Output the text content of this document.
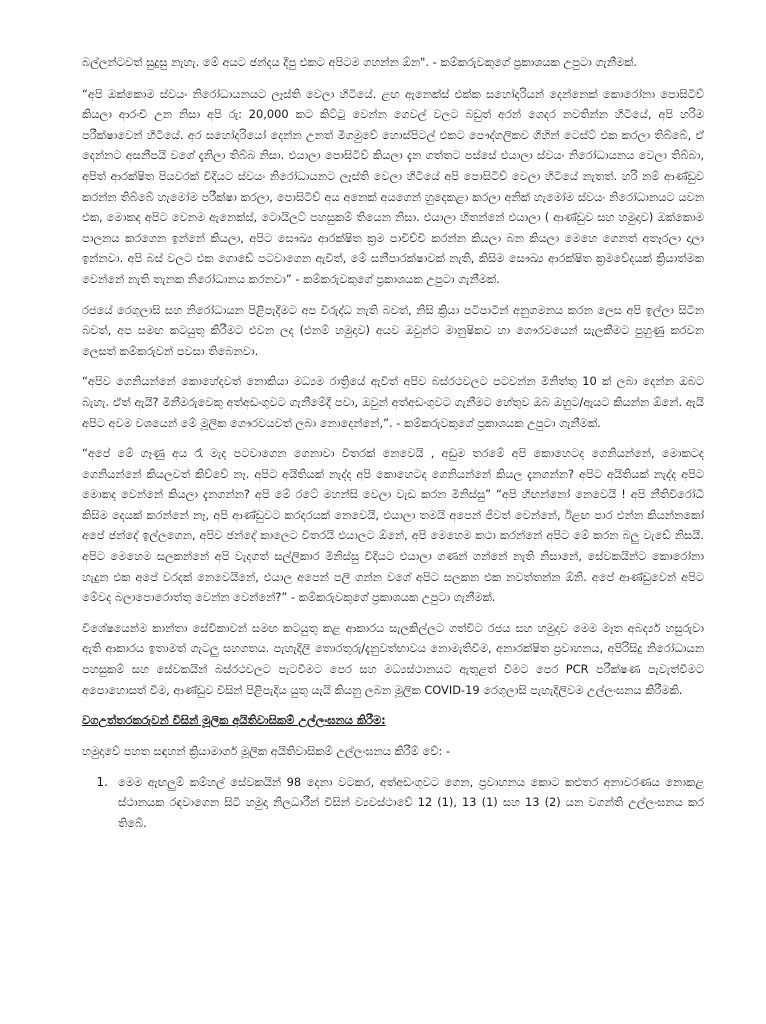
බල්ලන්ටවත් සුදුසු නැහැ. මේ අයට ඡන්දය දීපු එකට අපිටම ගහන්න ඕන". - කම්කරුවකුගේ ප්‍රකාශයක උපුටා ගැනීමක්.

“අපි ඔක්කොම ස්වයං නිරෝධායනයට ලෑස්ති වෙලා හිටියේ. ළඟ ඇනෙක්ස් එක්ක සහෝදරියන් දෙන්නෙක් කොරෝනා පොසිටිව් කියලා ආරංචි උන නිසා අපි රු: 20,000 කට කිට්ටු වෙන්න ගෙවල් වලට බඩුත් අරන් ගෙදර නවතින්න හිටියේ, අපි හරිම පරීක්ෂාවෙන් හිටියේ. අර සහෝදරියෝ දෙන්න උනත් මීගමුවේ හොස්පිටල් එකට පෞද්ගලිකව ගිහින් ටෙස්ට් එක කරලා තිබ්බේ, ඒ දෙන්නට අසනීපයි වගේ දැනිලා තිබ්බ නිසා. එයාලා පොසිටිව් කියලා දැන ගත්තට පස්සේ එයාලා ස්වයං නිරෝධායනය වෙලා තිබ්බා, අපිත් ආරක්ෂිත පියවරක් විදියට ස්වයං නිරෝධායනට ලෑස්ති වෙලා හිටියේ අපි පොසිටිව් වෙලා හිටියේ නැතත්. හරි නම් ආණ්ඩුව කරන්න තිබ්බේ හැමෝම පරීක්ෂා කරලා, පොසිටිව් අය අනෙක් අයගෙන් හුදෙකළා කරලා අනික් හැමෝම ස්වයං නිරෝධානයට යවන එක, මොකද අපිට වෙනම ඇනෙක්ස්, ටොයිලට් පහසුකම් තියෙන නිසා. එයාලා හිතන්නේ එයාලා ( ආණ්ඩුව සහ හමුදාව) ඔක්කොම පාලනය කරගෙන ඉන්නේ කියලා, අපිට සෞඛ්‍ය ආරක්ෂිත ක්‍රම පාවිච්චි කරන්න කියලා බන කියලා මෙහෙ ගෙනත් අතෑරලා දාලා ඉන්නවා. අපි බස් වලට එක ගොඩේ පටවාගෙන ඇවිත්, මේ සනීපාරක්ෂාවක් නැති, කිසිම සෞඛ්‍ය ආරක්ෂිත ක්‍රමවේදයක් ක්‍රියාත්මක වෙන්නේ නැති තැනක නිරෝධානය කරනවා” - කම්කරුවකුගේ ප්‍රකාශයක උපුටා ගැනීමක්.

රජයේ රෙගුලාසි සහ නිරෝධායන පිළිපැදීමට අප විරුද්ධ නැති බවත්, නිසි ක්‍රියා පටිපාටීන් අනුගමනය කරන ලෙස අපි ඉල්ලා සිටින බවත්, අප සමඟ කටයුතු කිරීමට එවන ලද (එනම් හමුදාව) අයව ඔවුන්ට මානුෂිකව හා ගෞරවයෙන් සැලකීමට පුහුණු කරවන ලෙසත් කම්කරුවන් පවසා තිබෙනවා.

“අපිව ගෙනියන්නේ කොහේදවත් නොකියා මධ්‍යම රාත්‍රියේ ඇවිත් අපිව බස්රථවලට පටවන්න මිනිත්තු 10 ක් ලබා දෙන්න ඔබට බැහැ. ඒත් ඇයි? මිනීමරුවෙකු අත්අඩංගුවට ගැනීමේදී පවා, ඔවුන් අත්අඩංගුවට ගැනීමට හේතුව ඔබ ඔහුට/ඇයට කියන්න ඕනේ. ඇයි අපිට අවම වශයෙන් මේ මූලික ගෞරවයවත් ලබා නොදෙන්නේ,”. - කම්කරුවකුගේ ප්‍රකාශයක උපුටා ගැනීමක්.

“අපේ මේ ගෑණු අය රෑ මැද පටවාගෙන ගෙනාවා විතරක් නෙවෙයි , අඩුම තරමේ අපි කොහෙටද ගෙනියන්නේ, මොකටද ගෙනියන්නේ කියලවත් කිව්වේ නෑ. අපිට අයිතියක් නැද්ද අපි කොහෙටද ගෙනියන්නේ කියල දැනගන්න? අපිට අයිතියක් නැද්ද අපිට මොකද වෙන්නේ කියලා දැනගන්න? අපි මේ රටේ මහන්සි වෙලා වැඩ කරන මිනිස්සු” “අපි හිඟන්නෝ නෙවෙයි ! අපි නීතිවිරෝධී කිසිම දෙයක් කරන්නේ නෑ, අපි ආණ්ඩුවට කරදරයක් නෙවෙයි, එයාලා තමයි අපෙන් ජීවත් වෙන්නේ, ඊළඟ පාර එන්න කියන්නකෝ අපේ ඡන්දේ ඉල්ලගෙන, අපිව ඡන්දේ කාලෙට විතරයි එයාලට ඕනේ, අපි මෙහෙම කථා කරන්නේ අපිට මේ කරන බලු වැඩේ නිසයි. අපිට මෙහෙම සලකන්නේ අපි වැදගත් සල්ලිකාර මිනිස්සු විදියට එයාලා ගණන් ගන්නේ නැති නිසානේ, සේවකයින්ට කොරෝනා හැදුන එක අපේ වරදක් නෙවෙයිනේ, එයාල අපෙන් පලි ගන්න වගේ අපිට සලකන එක නවත්තන්න ඕනි. අපේ ආණ්ඩුවෙන් අපිට මේවද බලාපොරොත්තු වෙන්න වෙන්නේ?” - කම්කරුවකුගේ ප්‍රකාශයක උපුටා ගැනීමක්.

විශේෂයෙන්ම කාන්තා සේවිකාවන් සමඟ කටයුතු කළ ආකාරය සැලකිල්ලට ගත්විට රජය සහ හමුදාව මෙම මෑත අබර්ද්‍ය හසුරුවා ඇති ආකාරය ඉතාමත් ගැටලු සහගතය. පැහැදිලි තොරතුරු/දැනුවත්භාවය නොමැතිවීම, අනාරක්ෂිත ප්‍රවාහනය, අපිරිසිදු නිරෝධායන පහසුකම් සහ සේවකයින් බස්රථවලට පැටවීමට පෙර සහ මධ්‍යස්ථානයට ඇතුළත් වීමට පෙර PCR පරීක්ෂණ පැවැත්වීමට අපොහොසත් වීම, ආණ්ඩුව විසින් පිළිපැදිය යුතු යැයි කියනු ලබන මූලික COVID-19 රෙගුලාසි පැහැදිලිවම උල්ලංඝනය කිරීමකි.

වගඋත්තරකරුවන් විසින් මූලික අයිතිවාසිකම් උල්ලංඝනය කිරීම:

හමුදාවේ පහත සඳහන් ක්‍රියාමාගර් මූලික අයිතිවාසිකම් උල්ලංඝනය කිරීම් වේ: -

1. මෙම ඇඟලුම් කම්හල් සේවකයින් 98 දෙනා වටකර, අත්අඩංගුවට ගෙන, ප්‍රවාහනය කොට කළුතර අනාවරණය නොකළ ස්ථානයක රඳවාගෙන සිටි හමුදා නිලධාරීන් විසින් ව්‍යවස්ථාවේ 12 (1), 13 (1) සහ 13 (2) යන වගන්ති උල්ලංඝනය කර තිබේ.
